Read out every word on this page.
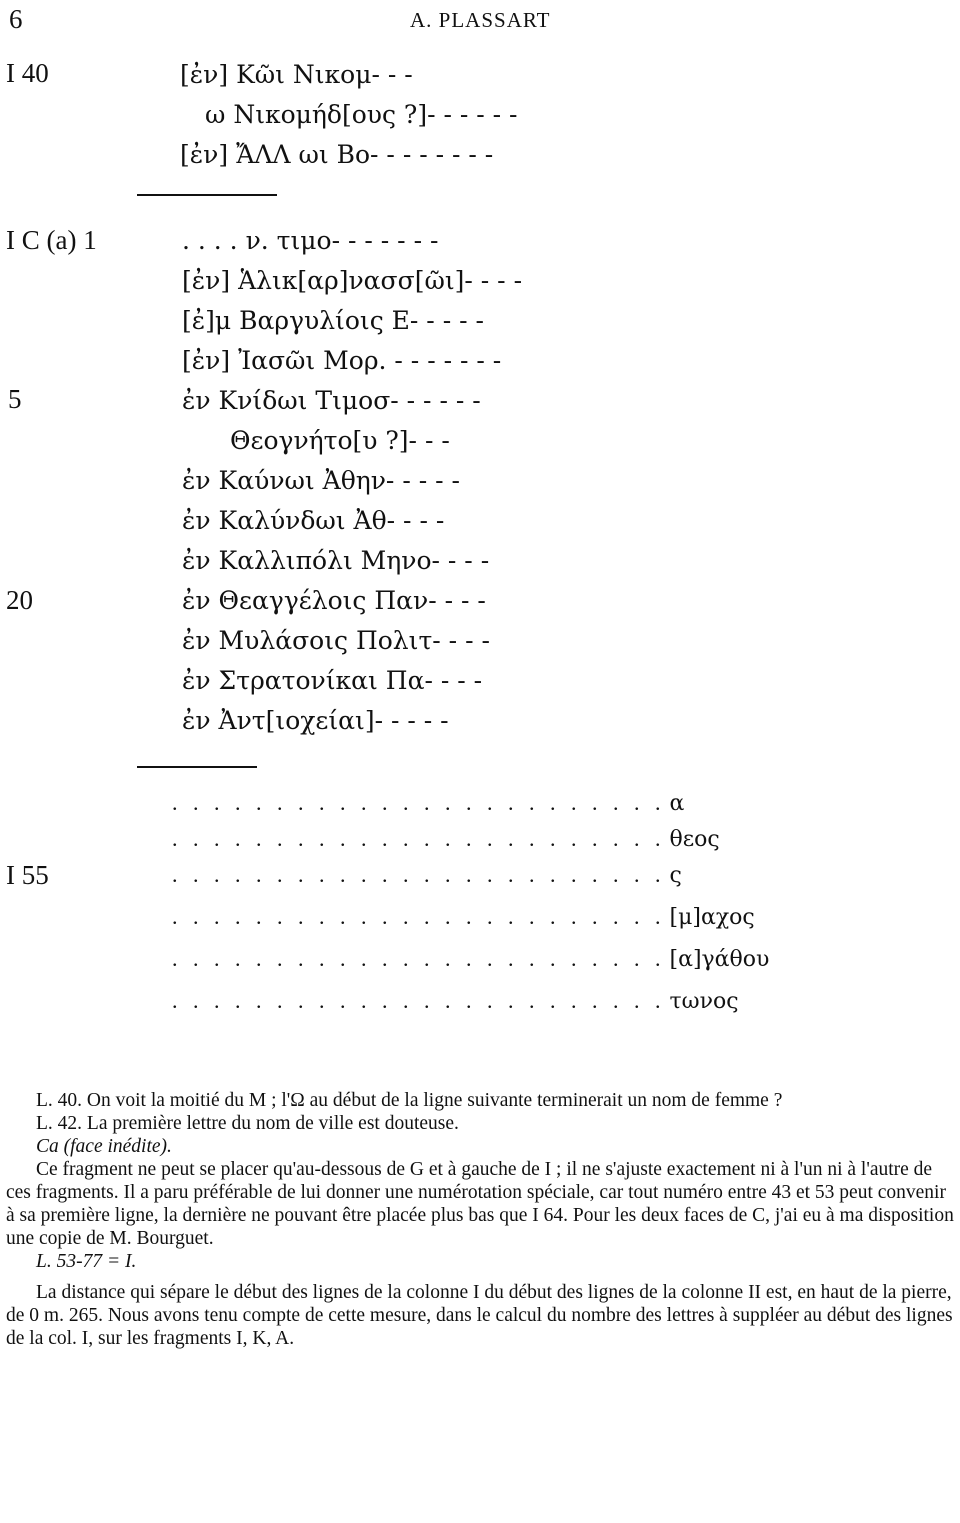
6	A. PLASSART
I 40	[ἐν] Κῶι Νικομ- - -
ω Νικομήδ[ους ?]- - - - - -
[ἐν] ἌΛΛ ωι Βο- - - - - - - -
I C (a) 1	. . . . ν. τιμο- - - - - - -
[ἐν] Ἁλικ[αρ]νασσ[ῶι]- - - -
[ἐ]μ Βαργυλίοις Ε- - - - -
[ἐν] Ἰασῶι Μορ. - - - - - - -
5	ἐν Κνίδωι Τιμοσ- - - - - -
Θεογνήτο[υ ?]- - -
ἐν Καύνωι Ἀθην- - - - -
ἐν Καλύνδωι Ἀθ- - - -
ἐν Καλλιπόλι Μηνο- - - -
20	ἐν Θεαγγέλοις Παν- - - -
ἐν Μυλάσοις Πολιτ- - - -
ἐν Στρατονίκαι Πα- - - -
ἐν Ἀντ[ιοχείαι]- - - - -
I 55
. . . . . . . . . . . . . . . . . . . . . . . . α
. . . . . . . . . . . . . . . . . . . . . . . . θεος
. . . . . . . . . . . . . . . . . . . . . . . . ς
. . . . . . . . . . . . . . . . . . . . . . . . [μ]αχος
. . . . . . . . . . . . . . . . . . . . . . . . [α]γάθου
. . . . . . . . . . . . . . . . . . . . . . . . τωνος

L. 40. On voit la moitié du M ; l'Ω au début de la ligne suivante terminerait un nom de femme ?

L. 42. La première lettre du nom de ville est douteuse.

Ca (face inédite).

Ce fragment ne peut se placer qu'au-dessous de G et à gauche de I ; il ne s'ajuste exactement ni à l'un ni à l'autre de ces fragments. Il a paru préférable de lui donner une numérotation spéciale, car tout numéro entre 43 et 53 peut convenir à sa première ligne, la dernière ne pouvant être placée plus bas que I 64. Pour les deux faces de C, j'ai eu à ma disposition une copie de M. Bourguet.

L. 53-77 = I.

La distance qui sépare le début des lignes de la colonne I du début des lignes de la colonne II est, en haut de la pierre, de 0 m. 265. Nous avons tenu compte de cette mesure, dans le calcul du nombre des lettres à suppléer au début des lignes de la col. I, sur les fragments I, K, A.
